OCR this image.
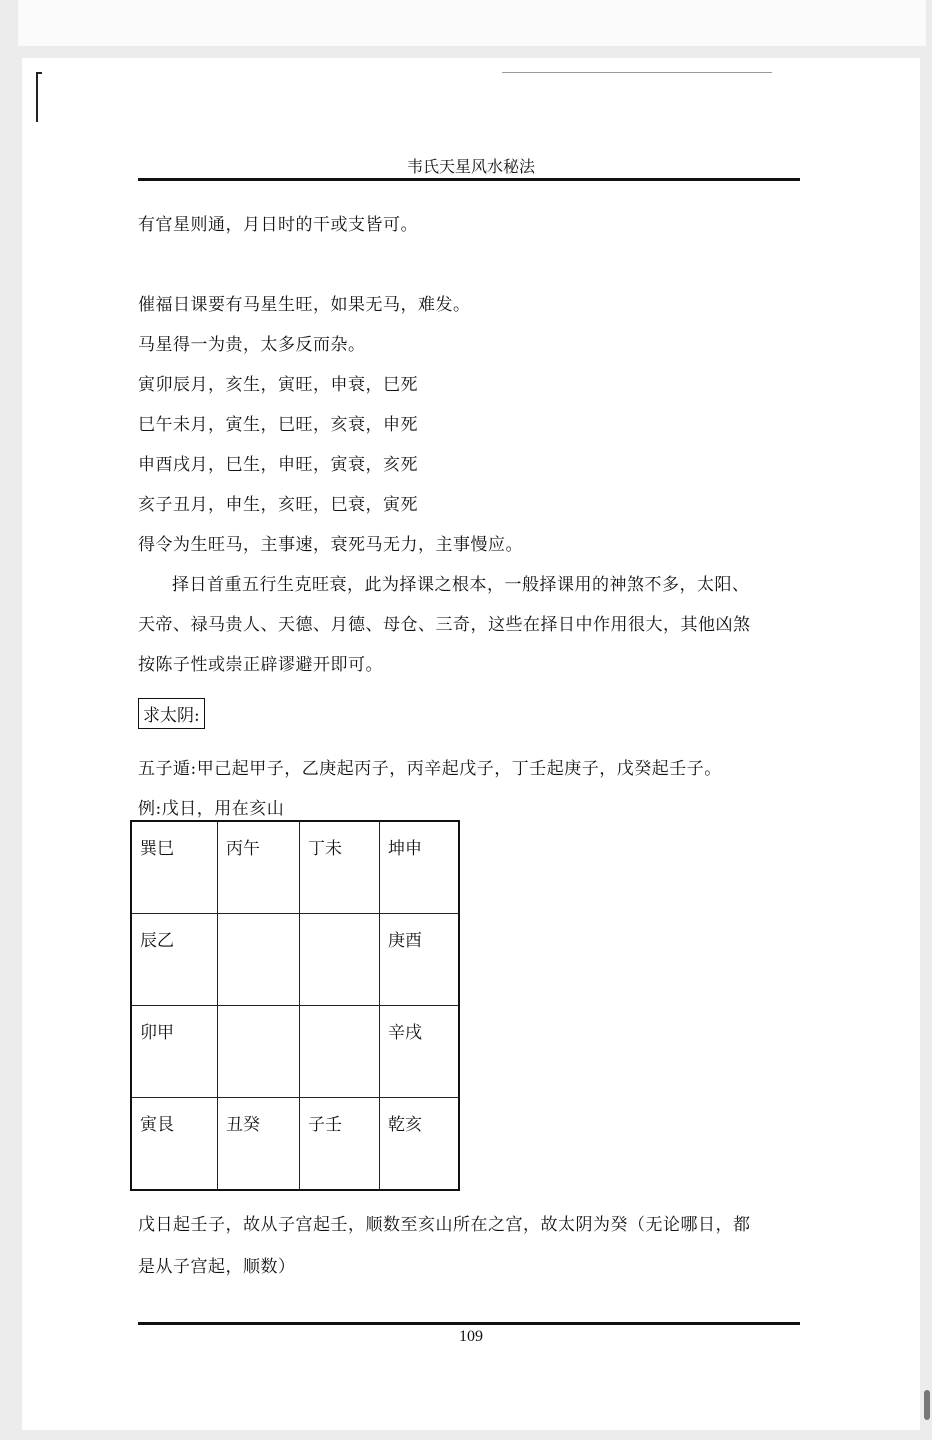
韦氏天星风水秘法
有官星则通，月日时的干或支皆可。
催福日课要有马星生旺，如果无马，难发。
马星得一为贵，太多反而杂。
寅卯辰月，亥生，寅旺，申衰，巳死
巳午未月，寅生，巳旺，亥衰，申死
申酉戌月，巳生，申旺，寅衰，亥死
亥子丑月，申生，亥旺，巳衰，寅死
得令为生旺马，主事速，衰死马无力，主事慢应。
择日首重五行生克旺衰，此为择课之根本，一般择课用的神煞不多，太阳、
天帝、禄马贵人、天德、月德、母仓、三奇，这些在择日中作用很大，其他凶煞
按陈子性或崇正辟谬避开即可。
求太阴:
五子遁:甲己起甲子，乙庚起丙子，丙辛起戊子，丁壬起庚子，戊癸起壬子。
例:戊日，用在亥山
巽巳	丙午	丁未	坤申
辰乙			庚酉
卯甲			辛戌
寅艮	丑癸	子壬	乾亥
戊日起壬子，故从子宫起壬，顺数至亥山所在之宫，故太阴为癸（无论哪日，都
是从子宫起，顺数）
109
